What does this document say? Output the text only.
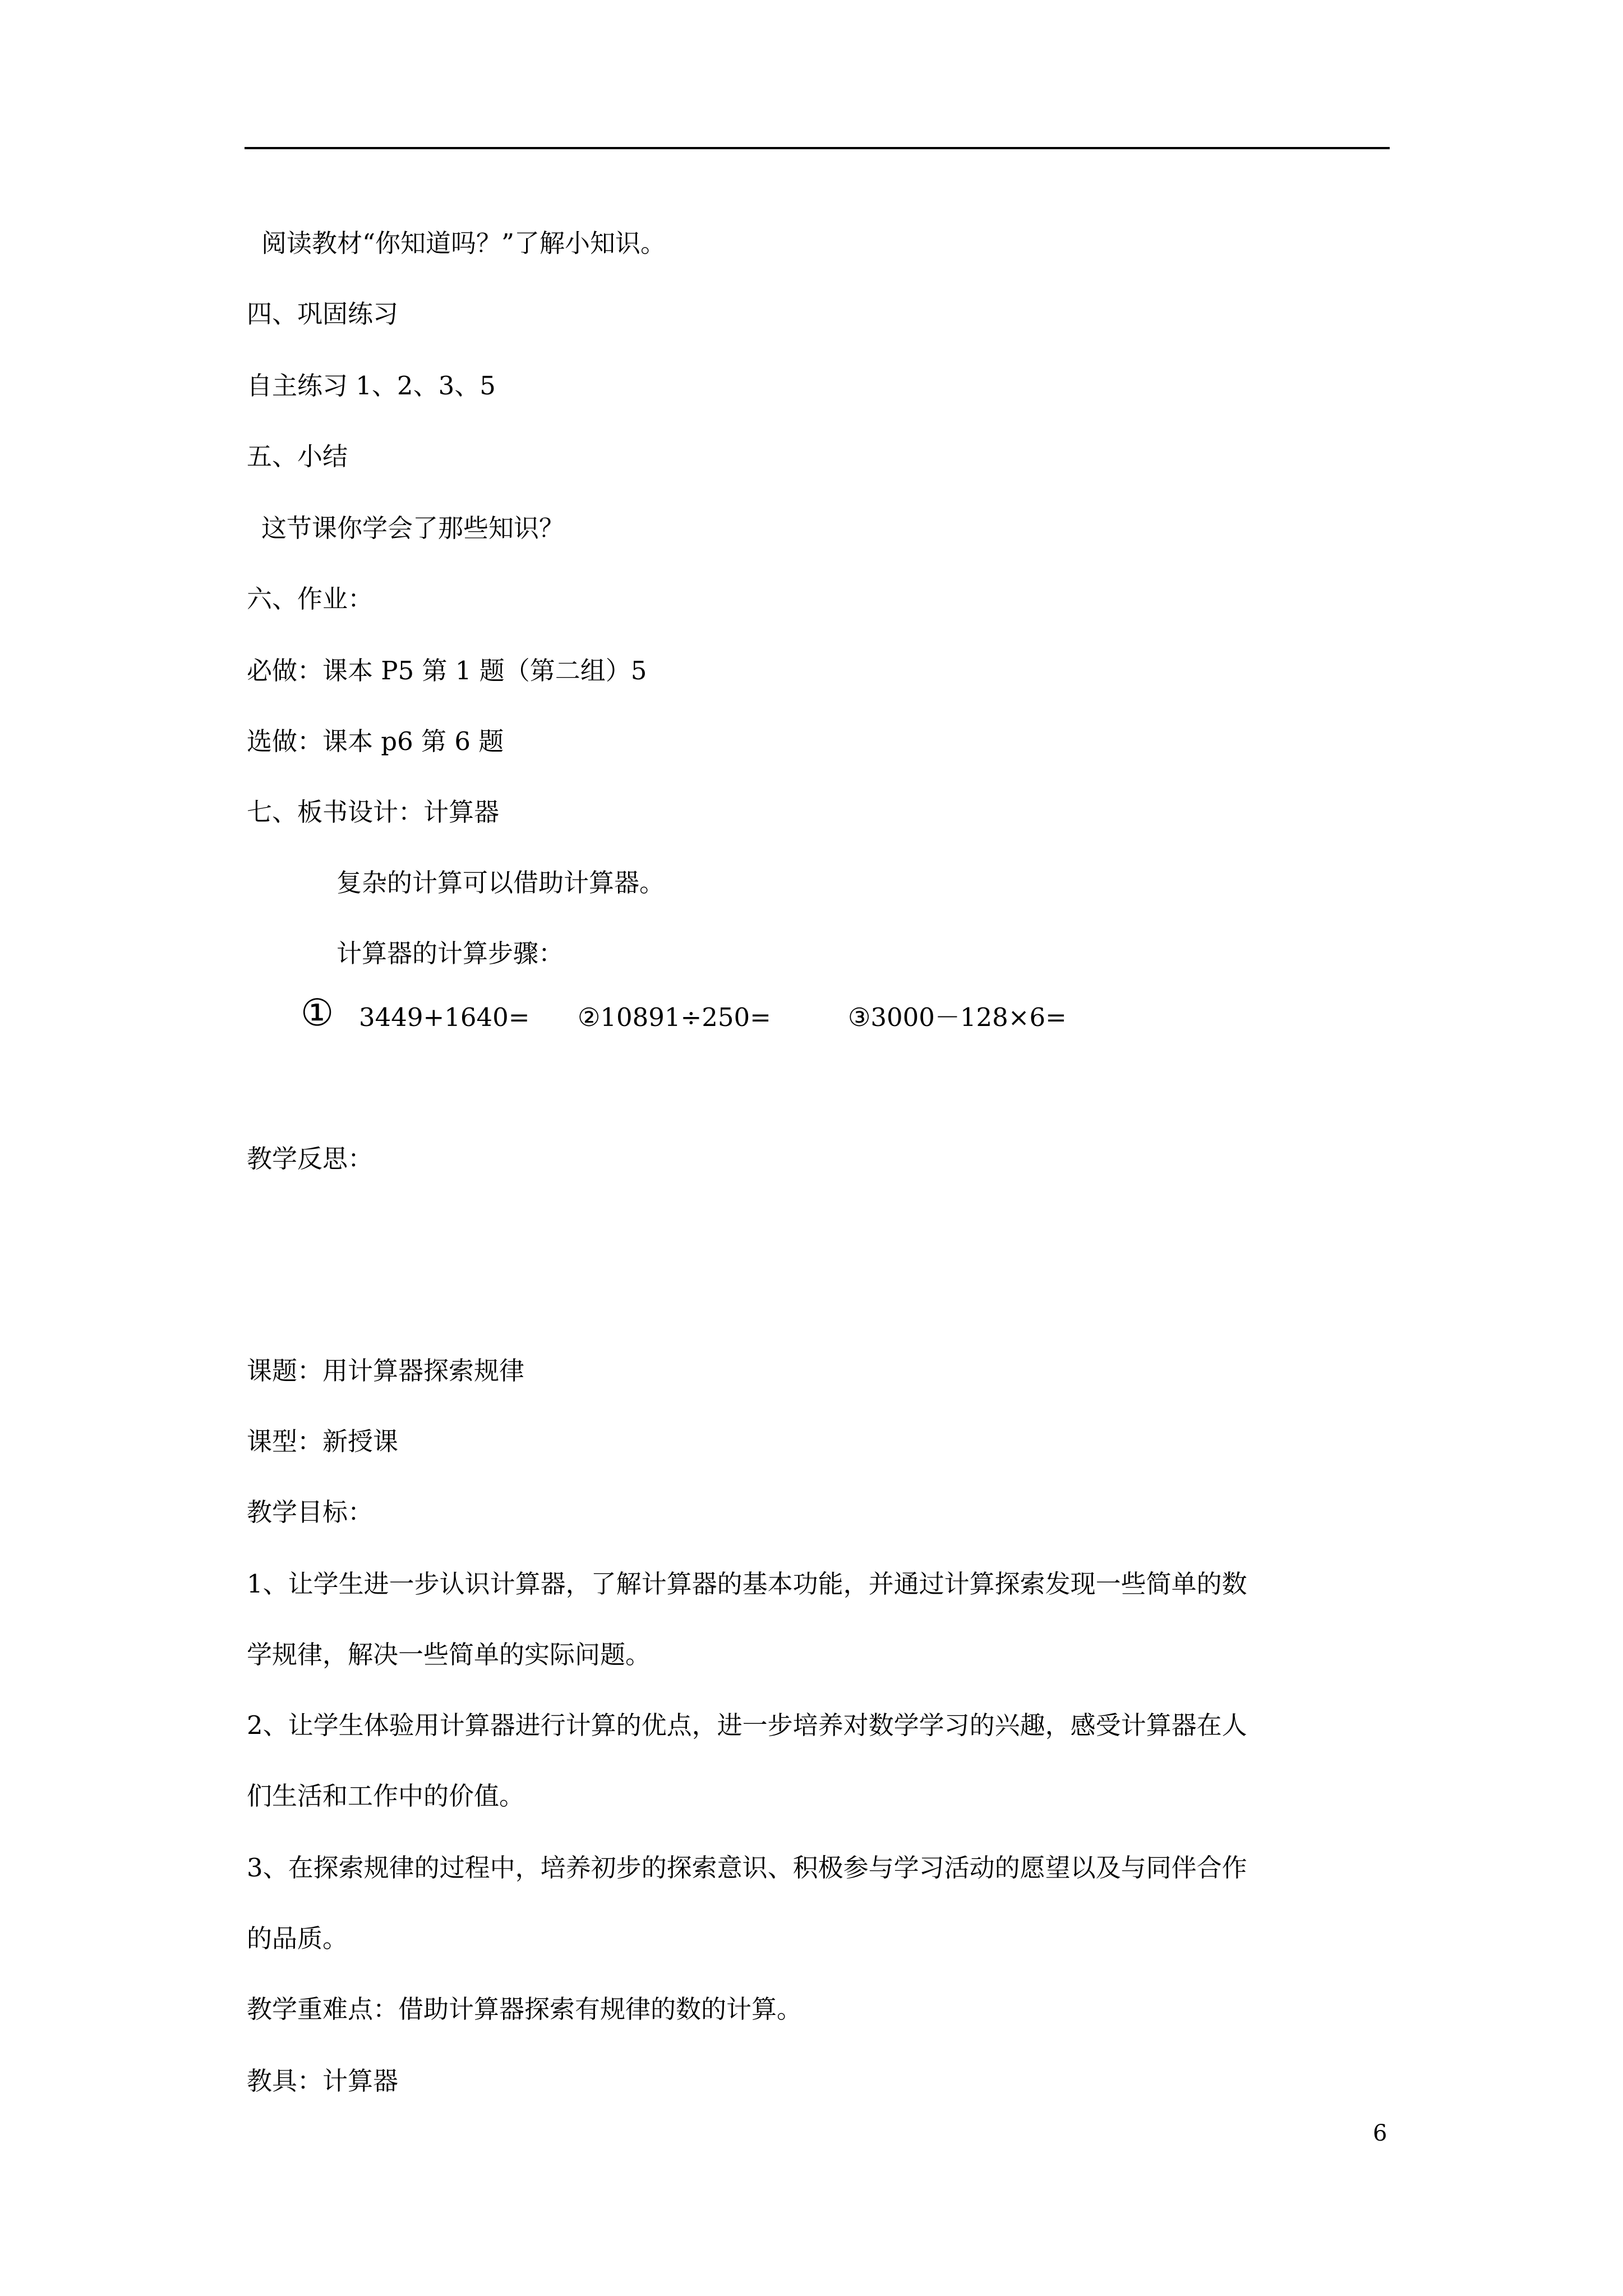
阅读教材“你知道吗？”了解小知识。
四、巩固练习
自主练习 1、2、3、5
五、小结
这节课你学会了那些知识？
六、作业：
必做：课本 P5 第 1 题（第二组）5
选做：课本 p6 第 6 题
七、板书设计：计算器
复杂的计算可以借助计算器。
计算器的计算步骤：
① 3449+1640= ②10891÷250=	③3000－128×6=
教学反思：
课题：用计算器探索规律
课型：新授课
教学目标：
1、让学生进一步认识计算器，了解计算器的基本功能，并通过计算探索发现一些简单的数
学规律，解决一些简单的实际问题。
2、让学生体验用计算器进行计算的优点，进一步培养对数学学习的兴趣，感受计算器在人
们生活和工作中的价值。
3、在探索规律的过程中，培养初步的探索意识、积极参与学习活动的愿望以及与同伴合作
的品质。
教学重难点：借助计算器探索有规律的数的计算。
教具：计算器
6
